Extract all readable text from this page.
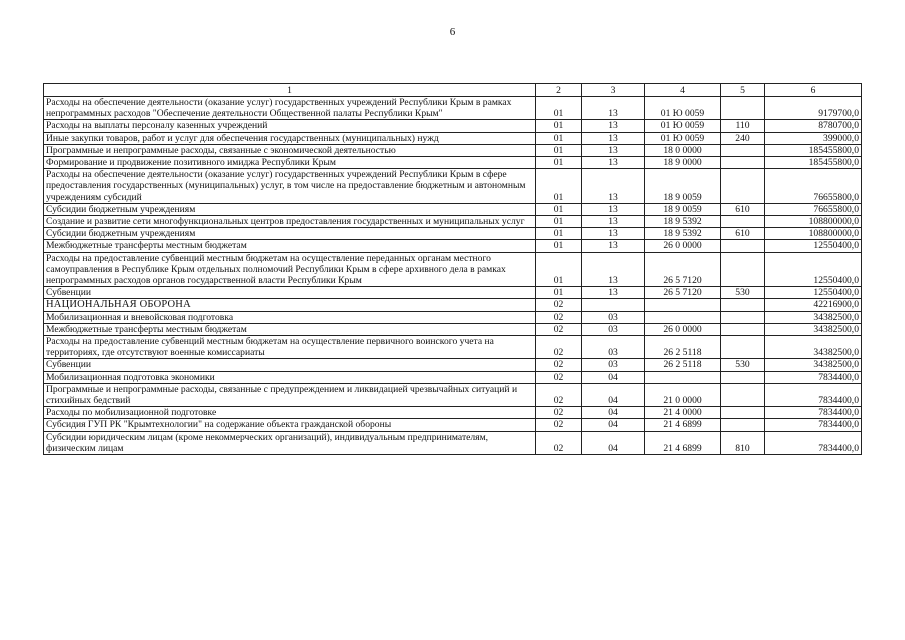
6
1	2	3	4	5	6
Расходы на обеспечение деятельности (оказание услуг) государственных учреждений Республики Крым в рамках непрограммных расходов "Обеспечение деятельности Общественной палаты Республики Крым"	01	13	01 Ю 0059		9179700,0
Расходы на выплаты персоналу казенных учреждений	01	13	01 Ю 0059	110	8780700,0
Иные закупки товаров, работ и услуг для обеспечения государственных (муниципальных) нужд	01	13	01 Ю 0059	240	399000,0
Программные и непрограммные расходы, связанные с экономической деятельностью	01	13	18 0 0000		185455800,0
Формирование и продвижение позитивного имиджа Республики Крым	01	13	18 9 0000		185455800,0
Расходы на обеспечение деятельности (оказание услуг) государственных учреждений Республики Крым в сфере предоставления государственных (муниципальных) услуг, в том числе на предоставление бюджетным и автономным учреждениям субсидий	01	13	18 9 0059		76655800,0
Субсидии бюджетным учреждениям	01	13	18 9 0059	610	76655800,0
Создание и развитие сети многофункциональных центров предоставления государственных и муниципальных услуг	01	13	18 9 5392		108800000,0
Субсидии бюджетным учреждениям	01	13	18 9 5392	610	108800000,0
Межбюджетные трансферты местным бюджетам	01	13	26 0 0000		12550400,0
Расходы на предоставление субвенций местным бюджетам на осуществление переданных органам местного самоуправления в Республике Крым отдельных полномочий Республики Крым в сфере архивного дела в рамках непрограммных расходов органов государственной власти Республики Крым	01	13	26 5 7120		12550400,0
Субвенции	01	13	26 5 7120	530	12550400,0
НАЦИОНАЛЬНАЯ ОБОРОНА	02				42216900,0
Мобилизационная и вневойсковая подготовка	02	03			34382500,0
Межбюджетные трансферты местным бюджетам	02	03	26 0 0000		34382500,0
Расходы на предоставление субвенций местным бюджетам на осуществление первичного воинского учета на территориях, где отсутствуют военные комиссариаты	02	03	26 2 5118		34382500,0
Субвенции	02	03	26 2 5118	530	34382500,0
Мобилизационная подготовка экономики	02	04			7834400,0
Программные и непрограммные расходы, связанные с предупреждением и ликвидацией чрезвычайных ситуаций и стихийных бедствий	02	04	21 0 0000		7834400,0
Расходы по мобилизационной подготовке	02	04	21 4 0000		7834400,0
Субсидия ГУП РК "Крымтехнологии" на содержание объекта гражданской обороны	02	04	21 4 6899		7834400,0
Субсидии юридическим лицам (кроме некоммерческих организаций), индивидуальным предпринимателям, физическим лицам	02	04	21 4 6899	810	7834400,0
